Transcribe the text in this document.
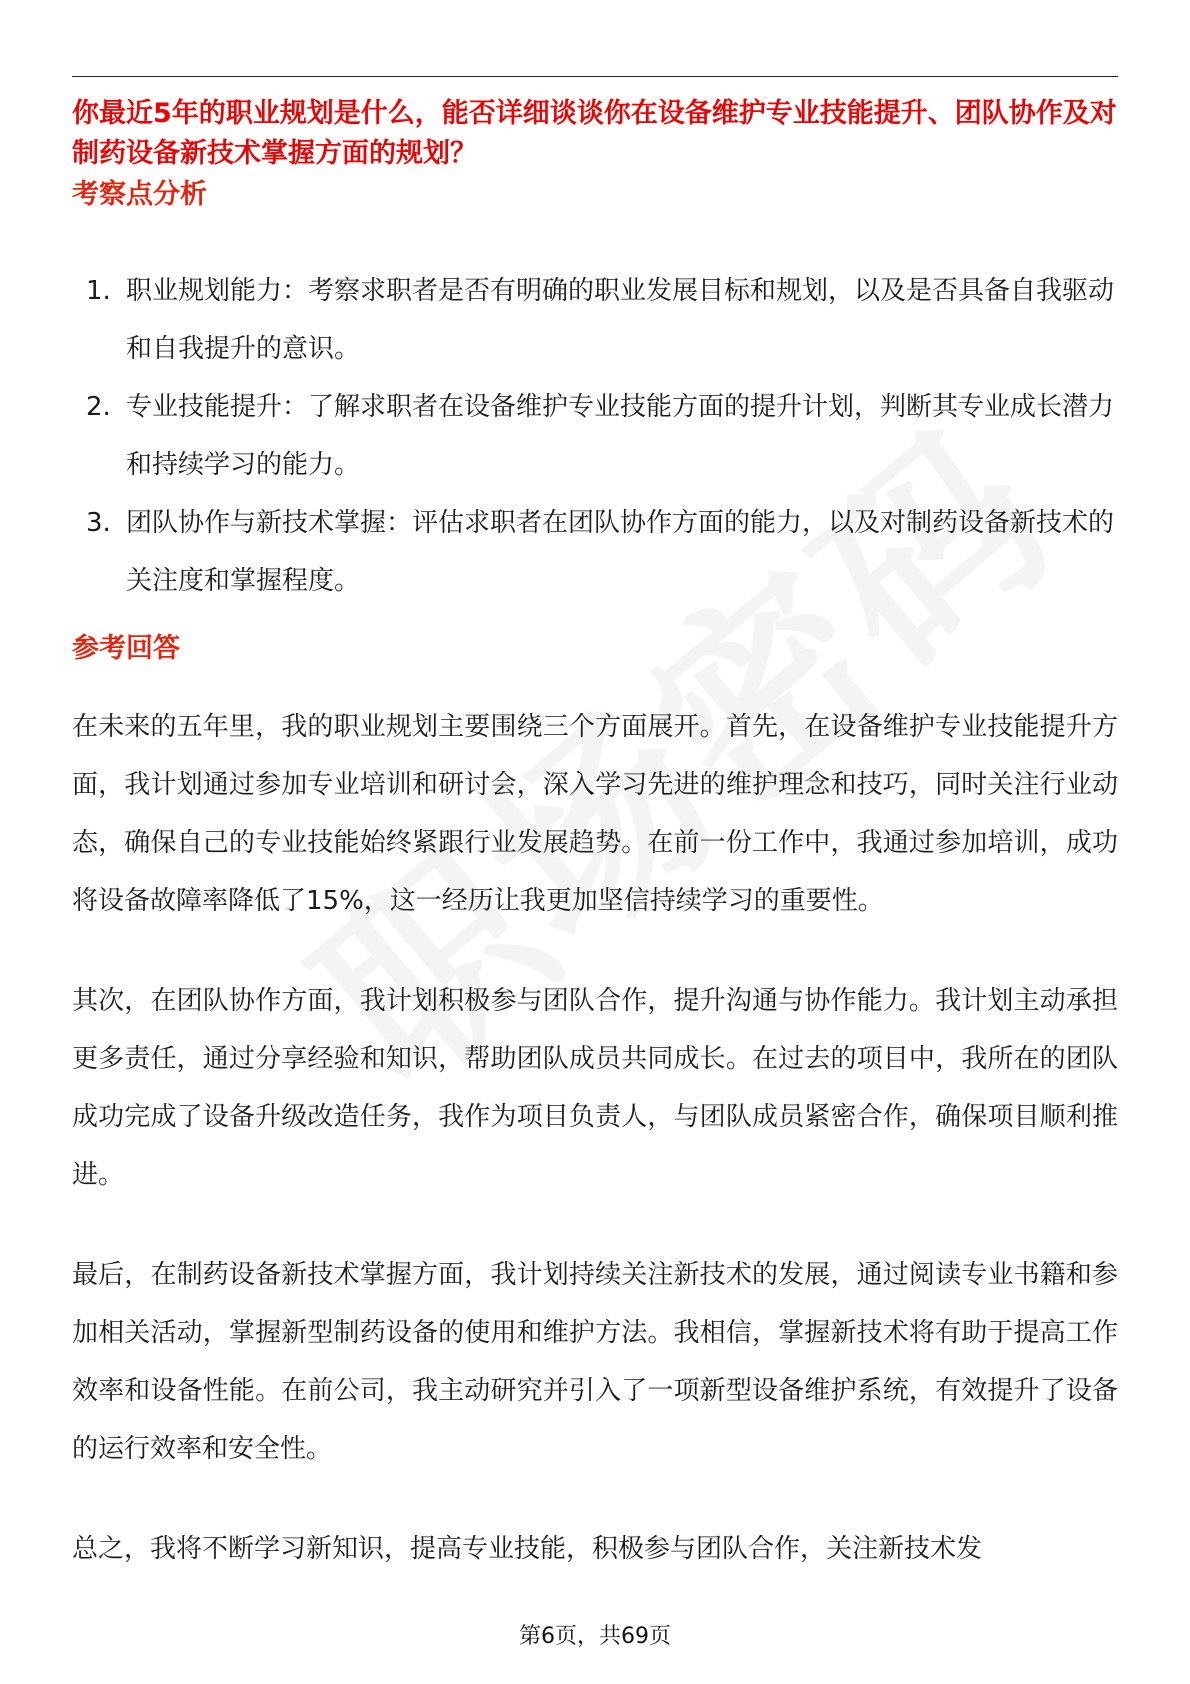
你最近5年的职业规划是什么，能否详细谈谈你在设备维护专业技能提升、团队协作及对制药设备新技术掌握方面的规划？
考察点分析
1. 职业规划能力：考察求职者是否有明确的职业发展目标和规划，以及是否具备自我驱动和自我提升的意识。
2. 专业技能提升：了解求职者在设备维护专业技能方面的提升计划，判断其专业成长潜力和持续学习的能力。
3. 团队协作与新技术掌握：评估求职者在团队协作方面的能力，以及对制药设备新技术的关注度和掌握程度。
参考回答

在未来的五年里，我的职业规划主要围绕三个方面展开。首先，在设备维护专业技能提升方面，我计划通过参加专业培训和研讨会，深入学习先进的维护理念和技巧，同时关注行业动态，确保自己的专业技能始终紧跟行业发展趋势。在前一份工作中，我通过参加培训，成功将设备故障率降低了15%，这一经历让我更加坚信持续学习的重要性。

其次，在团队协作方面，我计划积极参与团队合作，提升沟通与协作能力。我计划主动承担更多责任，通过分享经验和知识，帮助团队成员共同成长。在过去的项目中，我所在的团队成功完成了设备升级改造任务，我作为项目负责人，与团队成员紧密合作，确保项目顺利推进。

最后，在制药设备新技术掌握方面，我计划持续关注新技术的发展，通过阅读专业书籍和参加相关活动，掌握新型制药设备的使用和维护方法。我相信，掌握新技术将有助于提高工作效率和设备性能。在前公司，我主动研究并引入了一项新型设备维护系统，有效提升了设备的运行效率和安全性。

总之，我将不断学习新知识，提高专业技能，积极参与团队合作，关注新技术发

第6页，共69页
